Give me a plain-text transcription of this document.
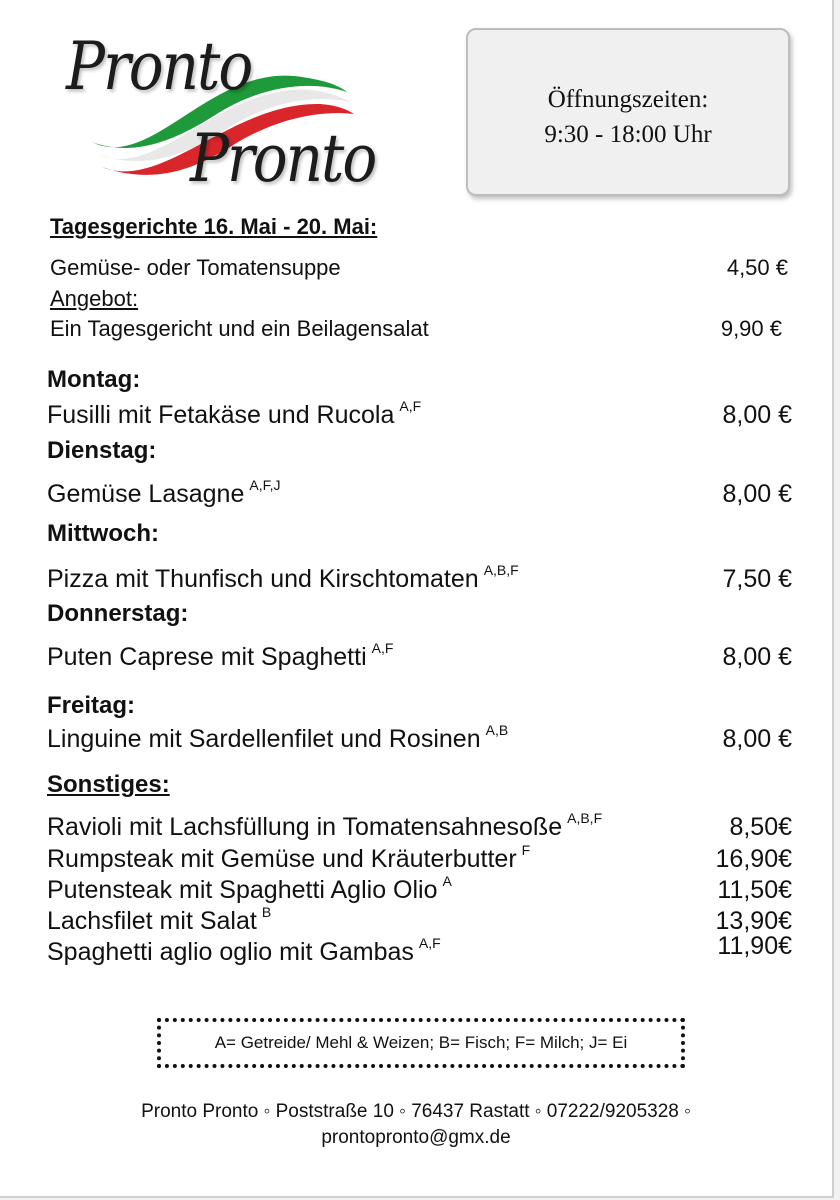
Pronto
Pronto
Öffnungszeiten:
9:30 - 18:00 Uhr
Tagesgerichte 16. Mai - 20. Mai:
Gemüse- oder Tomatensuppe	4,50 €
Angebot:
Ein Tagesgericht und ein Beilagensalat	9,90 €
Montag:
Fusilli mit Fetakäse und Rucola $^{A,F}$	8,00 €
Dienstag:
Gemüse Lasagne $^{A,F,J}$	8,00 €
Mittwoch:
Pizza mit Thunfisch und Kirschtomaten $^{A,B,F}$	7,50 €
Donnerstag:
Puten Caprese mit Spaghetti $^{A,F}$	8,00 €
Freitag:
Linguine mit Sardellenfilet und Rosinen $^{A,B}$	8,00 €
Sonstiges:
Ravioli mit Lachsfüllung in Tomatensahnesoße $^{A,B,F}$	8,50€
Rumpsteak mit Gemüse und Kräuterbutter $^F$	16,90€
Putensteak mit Spaghetti Aglio Olio $^A$	11,50€
Lachsfilet mit Salat $^B$	13,90€
Spaghetti aglio oglio mit Gambas $^{A,F}$	11,90€
A= Getreide/ Mehl & Weizen; B= Fisch; F= Milch; J= Ei
Pronto Pronto ◦ Poststraße 10 ◦ 76437 Rastatt ◦ 07222/9205328 ◦
prontopronto@gmx.de
